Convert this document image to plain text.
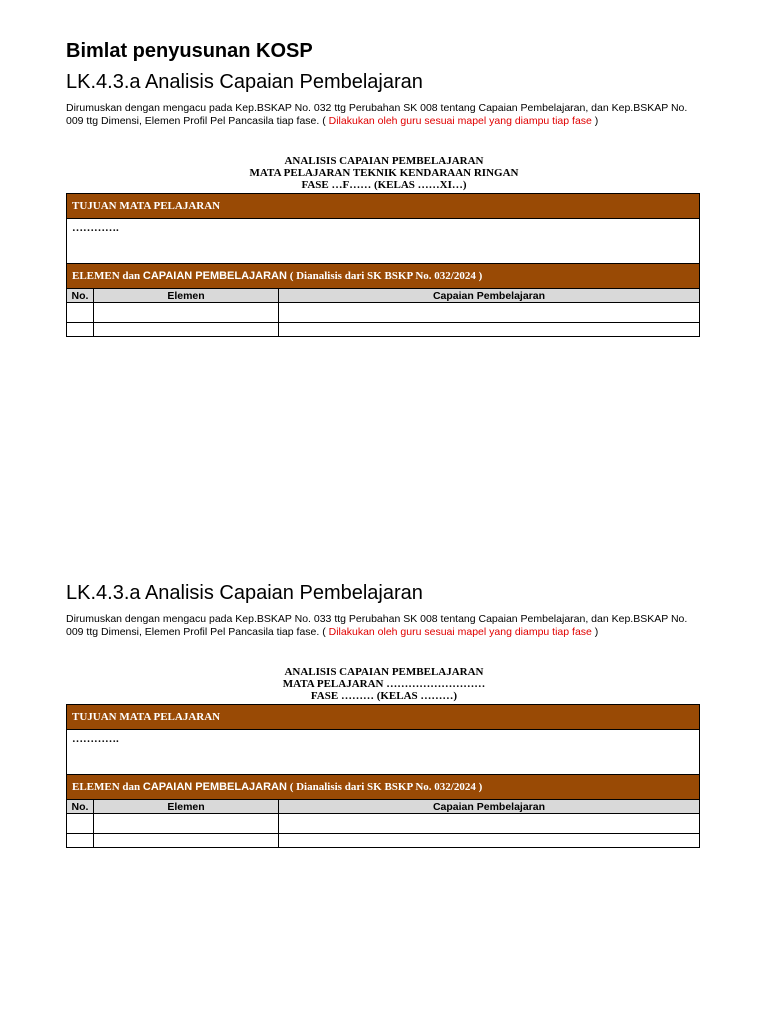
Bimlat penyusunan KOSP
LK.4.3.a Analisis Capaian Pembelajaran

Dirumuskan dengan mengacu pada Kep.BSKAP No. 032 ttg Perubahan SK 008 tentang Capaian Pembelajaran, dan Kep.BSKAP No. 009 ttg Dimensi, Elemen Profil Pel Pancasila tiap fase. ( Dilakukan oleh guru sesuai mapel yang diampu tiap fase )

ANALISIS CAPAIAN PEMBELAJARAN
MATA PELAJARAN TEKNIK KENDARAAN RINGAN
FASE …F…… (KELAS ……XI…)
TUJUAN MATA PELAJARAN		
………….		
ELEMEN dan CAPAIAN PEMBELAJARAN ( Dianalisis dari SK BSKP No. 032/2024 )		
No.	Elemen	Capaian Pembelajaran

LK.4.3.a Analisis Capaian Pembelajaran

Dirumuskan dengan mengacu pada Kep.BSKAP No. 033 ttg Perubahan SK 008 tentang Capaian Pembelajaran, dan Kep.BSKAP No. 009 ttg Dimensi, Elemen Profil Pel Pancasila tiap fase. ( Dilakukan oleh guru sesuai mapel yang diampu tiap fase )

ANALISIS CAPAIAN PEMBELAJARAN
MATA PELAJARAN ………………………
FASE ……… (KELAS ………)
TUJUAN MATA PELAJARAN		
………….		
ELEMEN dan CAPAIAN PEMBELAJARAN ( Dianalisis dari SK BSKP No. 032/2024 )		
No.	Elemen	Capaian Pembelajaran
